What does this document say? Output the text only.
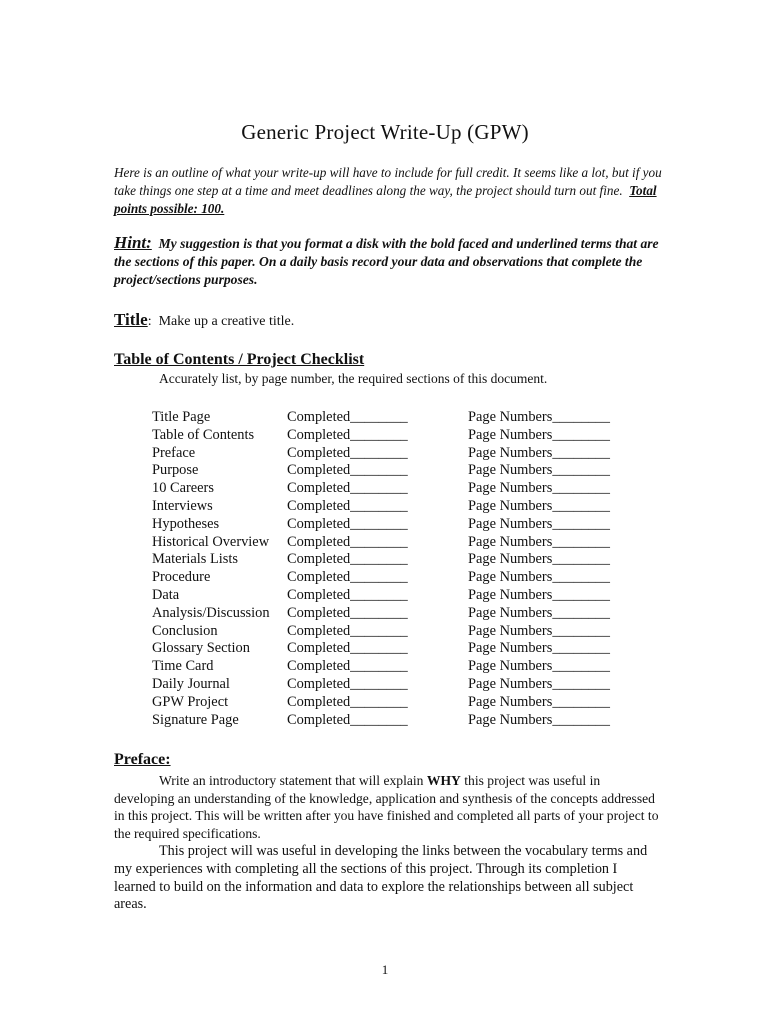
Generic Project Write-Up (GPW)
Here is an outline of what your write-up will have to include for full credit. It seems like a lot, but if you take things one step at a time and meet deadlines along the way, the project should turn out fine. Total points possible: 100.
Hint: My suggestion is that you format a disk with the bold faced and underlined terms that are the sections of this paper. On a daily basis record your data and observations that complete the project/sections purposes.
Title:  Make up a creative title.
Table of Contents / Project Checklist
Accurately list, by page number, the required sections of this document.
Title Page	Completed________	Page Numbers________
Table of Contents Completed________	Page Numbers________
Preface	Completed________	Page Numbers________
Purpose	Completed________	Page Numbers________
10 Careers	Completed________	Page Numbers________
Interviews	Completed________	Page Numbers________
Hypotheses	Completed________	Page Numbers________
Historical Overview Completed________	Page Numbers________
Materials Lists	Completed________	Page Numbers________
Procedure	Completed________	Page Numbers________
Data	Completed________	Page Numbers________
Analysis/Discussion Completed________	Page Numbers________
Conclusion	Completed________	Page Numbers________
Glossary Section	Completed________	Page Numbers________
Time Card	Completed________	Page Numbers________
Daily Journal	Completed________	Page Numbers________
GPW Project	Completed________	Page Numbers________
Signature Page	Completed________	Page Numbers________
Preface:
Write an introductory statement that will explain WHY this project was useful in developing an understanding of the knowledge, application and synthesis of the concepts addressed in this project. This will be written after you have finished and completed all parts of your project to the required specifications.
This project will was useful in developing the links between the vocabulary terms and my experiences with completing all the sections of this project. Through its completion I learned to build on the information and data to explore the relationships between all subject areas.
1
